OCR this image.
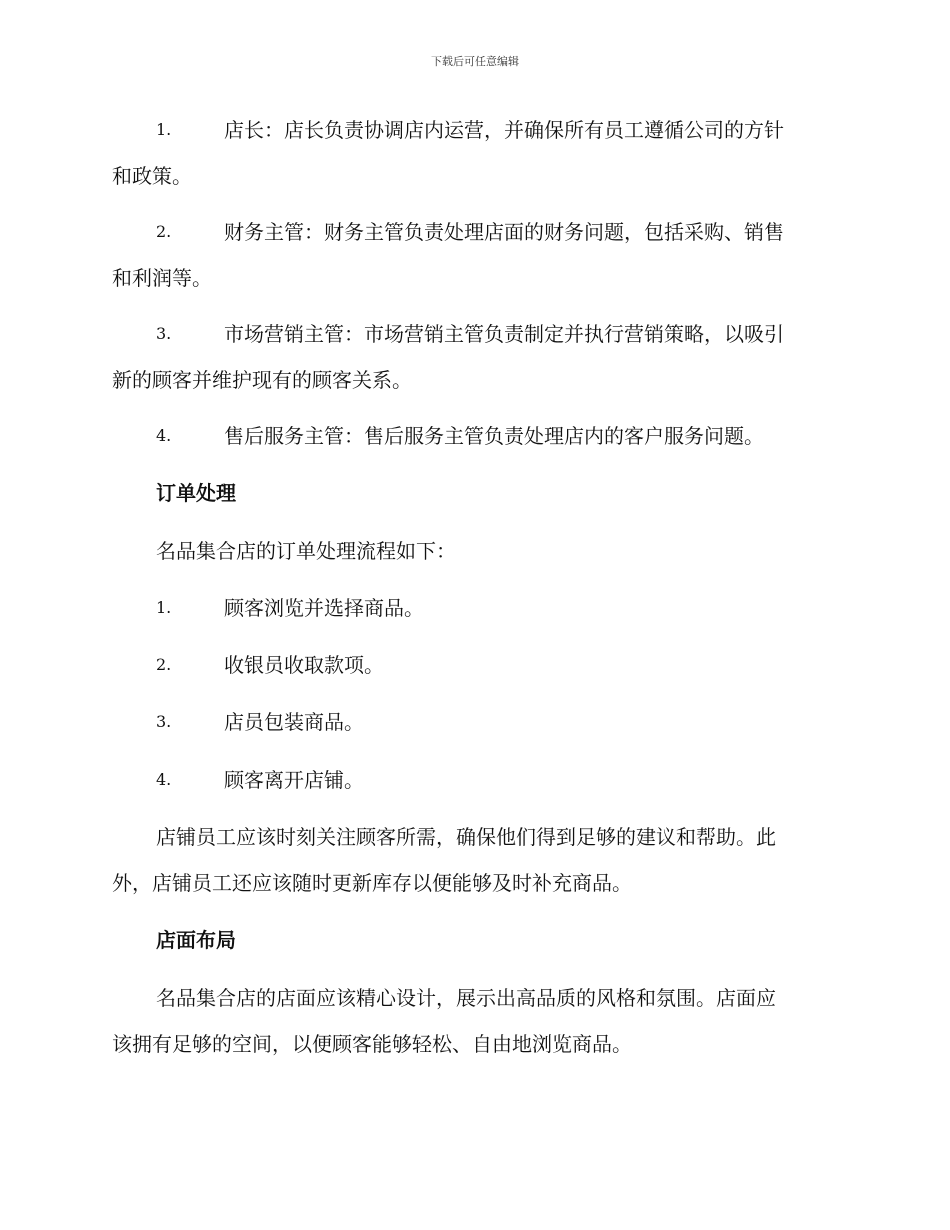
下载后可任意编辑
1.	店长：店长负责协调店内运营，并确保所有员工遵循公司的方针
和政策。
2.	财务主管：财务主管负责处理店面的财务问题，包括采购、销售
和利润等。
3.	市场营销主管：市场营销主管负责制定并执行营销策略，以吸引
新的顾客并维护现有的顾客关系。
4.	售后服务主管：售后服务主管负责处理店内的客户服务问题。
订单处理
名品集合店的订单处理流程如下：
1.	顾客浏览并选择商品。
2.	收银员收取款项。
3.	店员包装商品。
4.	顾客离开店铺。
店铺员工应该时刻关注顾客所需，确保他们得到足够的建议和帮助。此
外，店铺员工还应该随时更新库存以便能够及时补充商品。
店面布局
名品集合店的店面应该精心设计，展示出高品质的风格和氛围。店面应
该拥有足够的空间，以便顾客能够轻松、自由地浏览商品。
